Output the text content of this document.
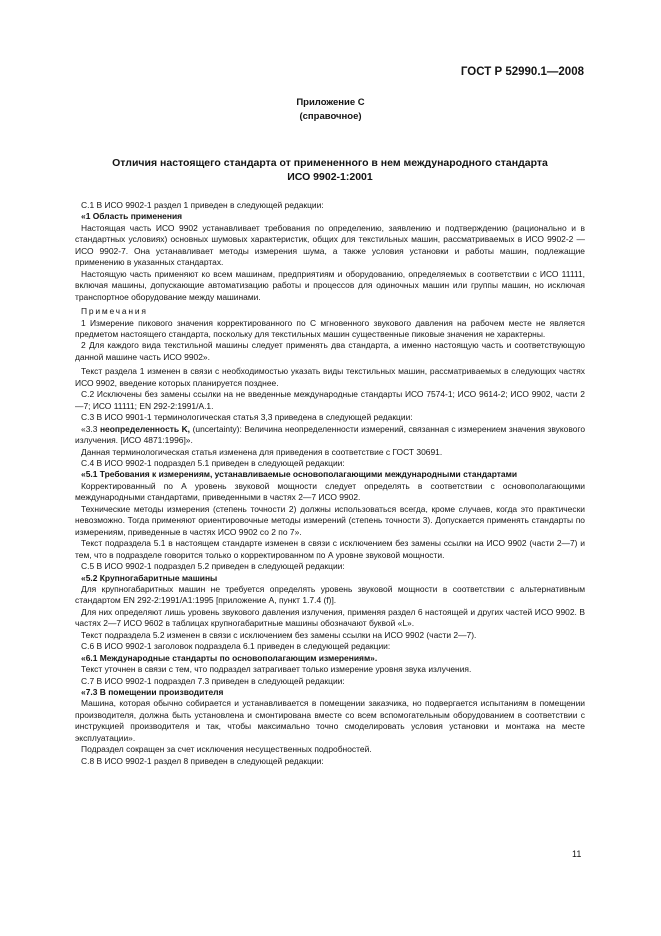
ГОСТ Р 52990.1—2008
Приложение С
(справочное)
Отличия настоящего стандарта от примененного в нем международного стандарта
ИСО 9902-1:2001

С.1 В ИСО 9902-1 раздел 1 приведен в следующей редакции:

«1 Область применения

Настоящая часть ИСО 9902 устанавливает требования по определению, заявлению и подтверждению (рационально и в стандартных условиях) основных шумовых характеристик, общих для текстильных машин, рассматриваемых в ИСО 9902-2 — ИСО 9902-7. Она устанавливает методы измерения шума, а также условия установки и работы машин, подлежащие применению в указанных стандартах.

Настоящую часть применяют ко всем машинам, предприятиям и оборудованию, определяемых в соответствии с ИСО 11111, включая машины, допускающие автоматизацию работы и процессов для одиночных машин или группы машин, но исключая транспортное оборудование между машинами.

Примечания

1 Измерение пикового значения корректированного по С мгновенного звукового давления на рабочем месте не является предметом настоящего стандарта, поскольку для текстильных машин существенные пиковые значения не характерны.

2 Для каждого вида текстильной машины следует применять два стандарта, а именно настоящую часть и соответствующую данной машине часть ИСО 9902».

Текст раздела 1 изменен в связи с необходимостью указать виды текстильных машин, рассматриваемых в следующих частях ИСО 9902, введение которых планируется позднее.

С.2 Исключены без замены ссылки на не введенные международные стандарты ИСО 7574-1; ИСО 9614-2; ИСО 9902, части 2—7; ИСО 11111; EN 292-2:1991/A.1.

С.3 В ИСО 9901-1 терминологическая статья 3,3 приведена в следующей редакции:

«3.3 неопределенность K, (uncertainty): Величина неопределенности измерений, связанная с измерением значения звукового излучения. [ИСО 4871:1996]».

Данная терминологическая статья изменена для приведения в соответствие с ГОСТ 30691.

С.4 В ИСО 9902-1 подраздел 5.1 приведен в следующей редакции:

«5.1 Требования к измерениям, устанавливаемые основополагающими международными стандартами

Корректированный по А уровень звуковой мощности следует определять в соответствии с основополагающими международными стандартами, приведенными в частях 2—7 ИСО 9902.

Технические методы измерения (степень точности 2) должны использоваться всегда, кроме случаев, когда это практически невозможно. Тогда применяют ориентировочные методы измерений (степень точности 3). Допускается применять стандарты по измерениям, приведенные в частях ИСО 9902 со 2 по 7».

Текст подраздела 5.1 в настоящем стандарте изменен в связи с исключением без замены ссылки на ИСО 9902 (части 2—7) и тем, что в подразделе говорится только о корректированном по А уровне звуковой мощности.

С.5 В ИСО 9902-1 подраздел 5.2 приведен в следующей редакции:

«5.2 Крупногабаритные машины

Для крупногабаритных машин не требуется определять уровень звуковой мощности в соответствии с альтернативным стандартом EN 292-2:1991/A1:1995 [приложение А, пункт 1.7.4 (f)].

Для них определяют лишь уровень звукового давления излучения, применяя раздел 6 настоящей и других частей ИСО 9902. В частях 2—7 ИСО 9602 в таблицах крупногабаритные машины обозначают буквой «L».

Текст подраздела 5.2 изменен в связи с исключением без замены ссылки на ИСО 9902 (части 2—7).

С.6 В ИСО 9902-1 заголовок подраздела 6.1 приведен в следующей редакции:

«6.1 Международные стандарты по основополагающим измерениям».

Текст уточнен в связи с тем, что подраздел затрагивает только измерение уровня звука излучения.

С.7 В ИСО 9902-1 подраздел 7.3 приведен в следующей редакции:

«7.3 В помещении производителя

Машина, которая обычно собирается и устанавливается в помещении заказчика, но подвергается испытаниям в помещении производителя, должна быть установлена и смонтирована вместе со всем вспомогательным оборудованием в соответствии с инструкцией производителя и так, чтобы максимально точно смоделировать условия установки и монтажа на месте эксплуатации».

Подраздел сокращен за счет исключения несущественных подробностей.

С.8 В ИСО 9902-1 раздел 8 приведен в следующей редакции:

11
